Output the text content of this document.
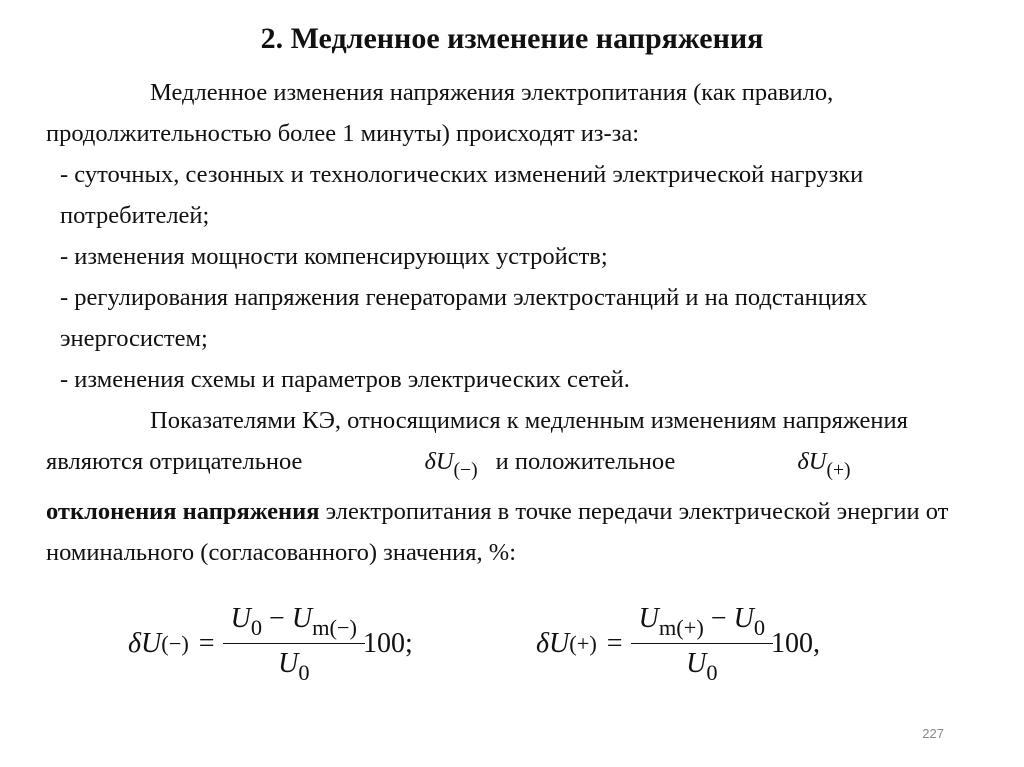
2. Медленное изменение напряжения

Медленное изменения напряжения электропитания (как правило, продолжительностью более 1 минуты) происходят из-за:

- суточных, сезонных и технологических изменений электрической нагрузки потребителей;

- изменения мощности компенсирующих устройств;

- регулирования напряжения генераторами электростанций и на подстанциях энергосистем;

- изменения схемы и параметров электрических сетей.

Показателями КЭ, относящимися к медленным изменениям напряжения являются отрицательное	$\delta U_{(-)}$ и положительное	$\delta U_{(+)}$
отклонения напряжения электропитания в точке передачи электрической энергии от номинального (согласованного) значения, %:

δU (−) = $\frac{U_0 - U_{m(-)}}{U_0} 100$;	δU (+) = $\frac{U_{m(+)} - U_0}{U_0} 100$,
227
